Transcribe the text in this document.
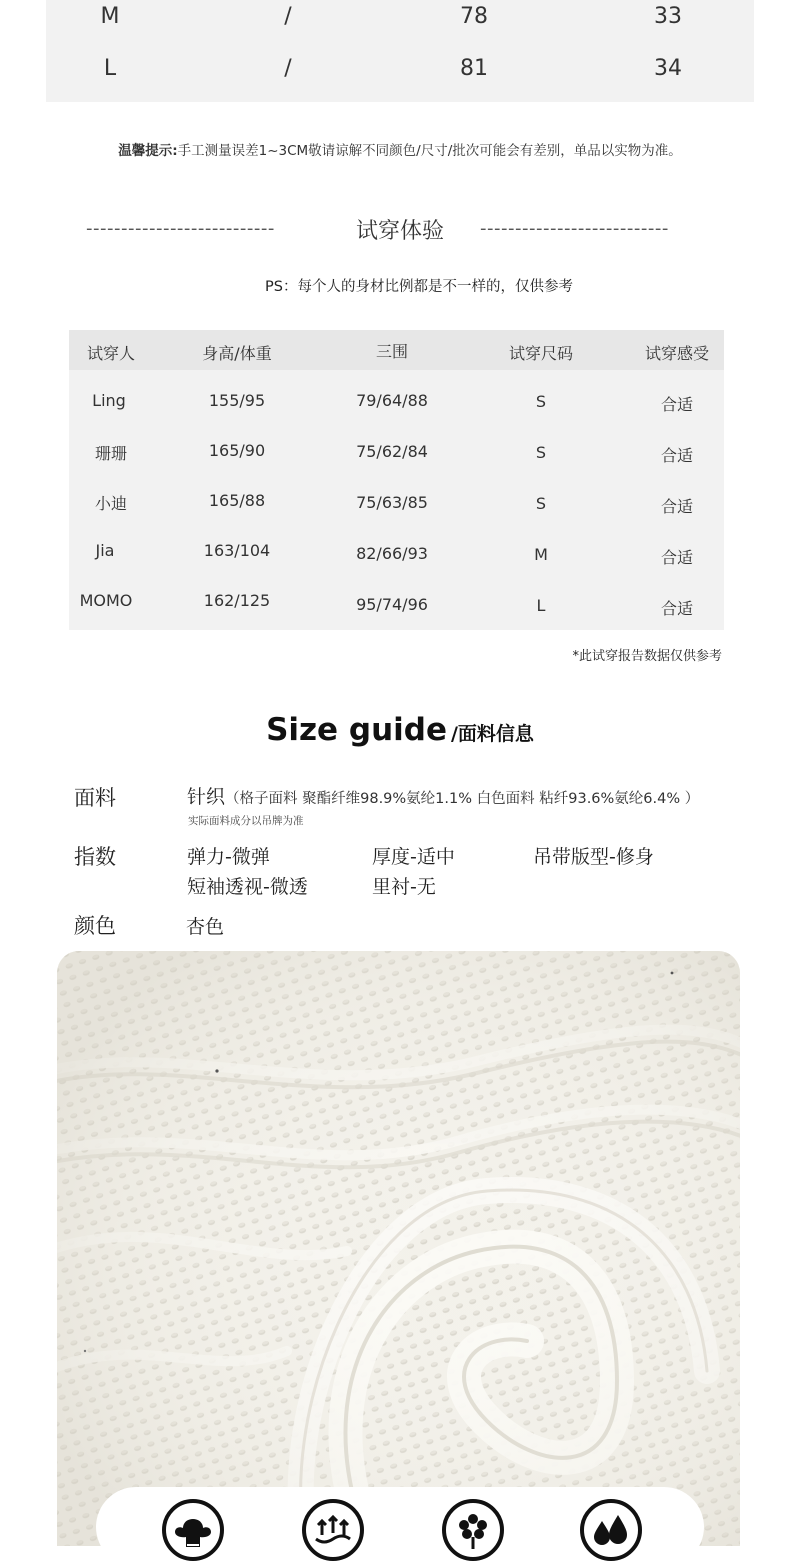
M	/	78	33
L	/	81	34
温馨提示:手工测量误差1~3CM敬请谅解不同颜色/尺寸/批次可能会有差别，单品以实物为准。
---------------------------	试穿体验	---------------------------
PS：每个人的身材比例都是不一样的，仅供参考
试穿人	身高/体重	三围	试穿尺码	试穿感受
Ling	155/95	79/64/88	S	合适
珊珊	165/90	75/62/84	S	合适
小迪	165/88	75/63/85	S	合适
Jia	163/104	82/66/93	M	合适
MOMO	162/125	95/74/96	L	合适
*此试穿报告数据仅供参考
Size guide /面料信息
面料	针织（格子面料 聚酯纤维98.9%氨纶1.1% 白色面料 粘纤93.6%氨纶6.4% ）
实际面料成分以吊牌为准
指数	弹力-微弹	厚度-适中	吊带版型-修身
短袖透视-微透	里衬-无
颜色	杏色
